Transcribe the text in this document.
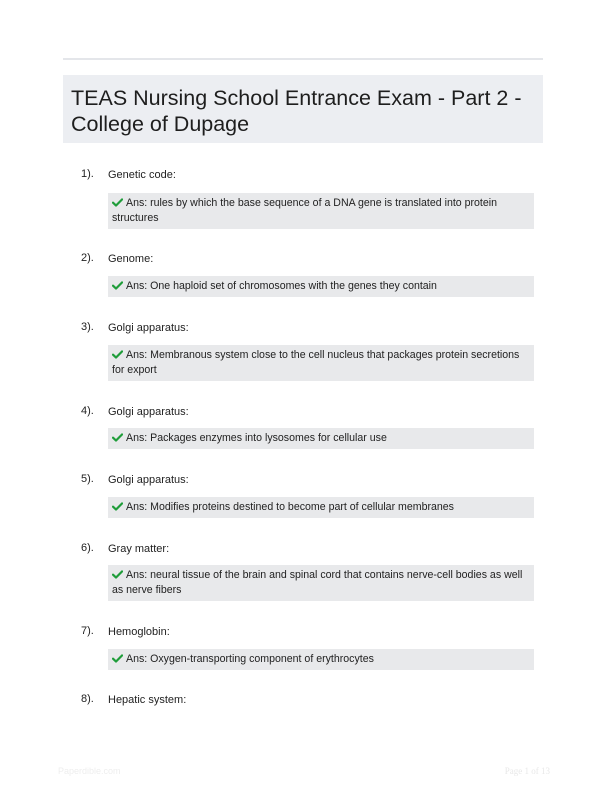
TEAS Nursing School Entrance Exam - Part 2 - College of Dupage
1). Genetic code:
Ans: rules by which the base sequence of a DNA gene is translated into protein structures
2). Genome:
Ans: One haploid set of chromosomes with the genes they contain
3). Golgi apparatus:
Ans: Membranous system close to the cell nucleus that packages protein secretions for export
4). Golgi apparatus:
Ans: Packages enzymes into lysosomes for cellular use
5). Golgi apparatus:
Ans: Modifies proteins destined to become part of cellular membranes
6). Gray matter:
Ans: neural tissue of the brain and spinal cord that contains nerve-cell bodies as well as nerve fibers
7). Hemoglobin:
Ans: Oxygen-transporting component of erythrocytes
8). Hepatic system:
Paperdible.com	Page 1 of 13
